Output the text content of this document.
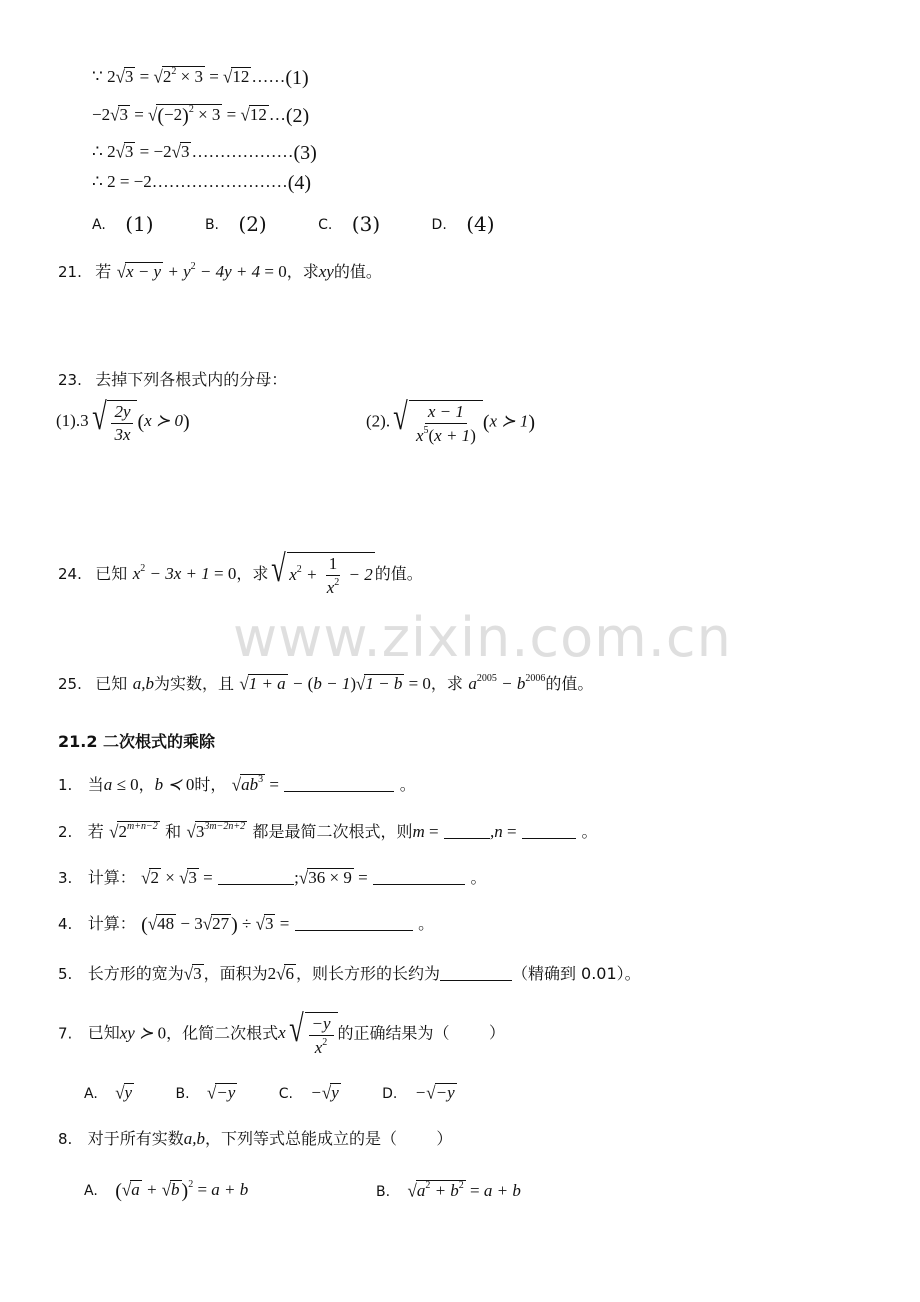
∵ $2√3 = √2^2 \times 3 = √12$ ……(1)
$-2√3 = √(-2)^2 \times 3 = √12$ …(2)
∴ 2√3 = −2√3 ………………(3)
∴ 2 = −2……………………(4)
A. (1)	B. (2)	C. (3)	D. (4)
21. 若 $√x - y + y^2 - 4y + 4 = 0$，求xy的值。
23. 去掉下列各根式内的分母：
(1).3 √ $\frac{2y}{3x} (x$ ≻ 0)	(2). √ $\frac{x - 1}{x^5(x + 1)} (x$ ≻ 1)
24. 已知 $x^2 - 3x + 1 = 0$，求 √ $x^2 + \frac{1}{x^2} - 2$ 的值。
www.zixin.com.cn
25. 已知 a,b为实数，且 √1 + a − (b − 1)√1 − b = 0，求 $a^{2005} - b^{2006}$的值。
21.2 二次根式的乘除
1. 当a ≤ 0，b ≺ 0时， $√ab^3$ =	。
2. 若 $√2^{m+n-2}$ 和 $√3^{3m-2n+2}$ 都是最简二次根式，则m =	,n =	。
3. 计算： √2 × √3 =	;√36 × 9 =	。
4. 计算： (√48 − 3√27 ) ÷ √3 =	。
5. 长方形的宽为√3 ，面积为2√6 ，则长方形的长约为	（精确到 0.01）。
7. 已知xy ≻ 0，化简二次根式x √ $\frac{-y}{x^2}$ 的正确结果为（ ）
A. √y	B. √−y	C. −√y	D. −√−y
8. 对于所有实数a,b，下列等式总能成立的是（ ）
A. (√a + √b )$^2$ = a + b	B. $√a^2 + b^2 = a + b$
